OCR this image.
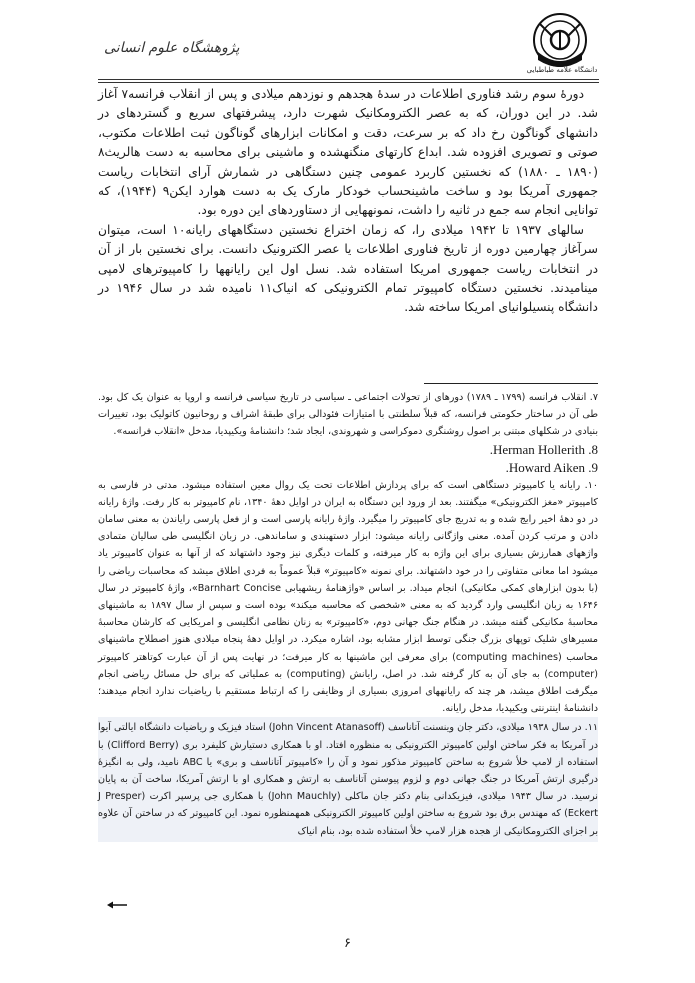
پژوهشگاه علوم انسانی
دانشگاه علامه طباطبایی

دورهٔ سوم رشد فناوری اطلاعات در سدهٔ هجدهم و نوزدهم میلادی و پس از انقلاب فرانسه۷ آغاز شد. در این دوران، که به عصر الکترومکانیک شهرت دارد، پیشرفتهای سریع و گستردهای در دانشهای گوناگون رخ داد که بر سرعت، دقت و امکانات ابزارهای گوناگون ثبت اطلاعات مکتوب، صوتی و تصویری افزوده شد. ابداع کارتهای منگنهشده و ماشینی برای محاسبه به دست هالریث۸ (۱۸۹۰ ـ ۱۸۸۰) که نخستین کاربرد عمومی چنین دستگاهی در شمارش آرای انتخابات ریاست جمهوری آمریکا بود و ساخت ماشینحساب خودکار مارک یک به دست هوارد ایکن۹ (۱۹۴۴)، که توانایی انجام سه جمع در ثانیه را داشت، نمونههایی از دستاوردهای این دوره بود.

سالهای ۱۹۳۷ تا ۱۹۴۲ میلادی را، که زمان اختراع نخستین دستگاههای رایانه۱۰ است، میتوان سرآغاز چهارمین دوره از تاریخ فناوری اطلاعات یا عصر الکترونیک دانست. برای نخستین بار از آن در انتخابات ریاست جمهوری امریکا استفاده شد. نسل اول این رایانهها را کامپیوترهای لامپی مینامیدند. نخستین دستگاه کامپیوتر تمام الکترونیکی که انیاک۱۱ نامیده شد در سال ۱۹۴۶ در دانشگاه پنسیلوانیای امریکا ساخته شد.

۷. انقلاب فرانسه (۱۷۹۹ ـ ۱۷۸۹) دورهای از تحولات اجتماعی ـ سیاسی در تاریخ سیاسی فرانسه و اروپا به عنوان یک کل بود. طی آن در ساختار حکومتی فرانسه، که قبلاً سلطنتی با امتیازات فئودالی برای طبقهٔ اشراف و روحانیون کاتولیک بود، تغییرات بنیادی در شکلهای مبتنی بر اصول روشنگری دموکراسی و شهروندی، ایجاد شد؛ دانشنامهٔ ویکیپدیا، مدخل «انقلاب فرانسه».

8. Herman Hollerith.

9. Howard Aiken.

۱۰. رایانه یا کامپیوتر دستگاهی است که برای پردازش اطلاعات تحت یک روال معین استفاده میشود. مدتی در فارسی به کامپیوتر «مغز الکترونیکی» میگفتند. بعد از ورود این دستگاه به ایران در اوایل دههٔ ۱۳۴۰، نام کامپیوتر به کار رفت. واژهٔ رایانه در دو دههٔ اخیر رایج شده و به تدریج جای کامپیوتر را میگیرد. واژهٔ رایانه پارسی است و از فعل پارسی رایاندن به معنی سامان دادن و مرتب کردن آمده. معنی واژگانی رایانه میشود: ابزار دستهبندی و ساماندهی. در زبان انگلیسی طی سالیان متمادی واژههای همارزش بسیاری برای این واژه به کار میرفته، و کلمات دیگری نیز وجود داشتهاند که از آنها به عنوان کامپیوتر یاد میشود اما معانی متفاوتی را در خود داشتهاند. برای نمونه «کامپیوتر» قبلاً عموماً به فردی اطلاق میشد که محاسبات ریاضی را (با بدون ابزارهای کمکی مکانیکی) انجام میداد. بر اساس «واژهنامهٔ ریشهیابی Barnhart Concise»، واژهٔ کامپیوتر در سال ۱۶۴۶ به زبان انگلیسی وارد گردید که به معنی «شخصی که محاسبه میکند» بوده است و سپس از سال ۱۸۹۷ به ماشینهای محاسبهٔ مکانیکی گفته میشد. در هنگام جنگ جهانی دوم، «کامپیوتر» به زنان نظامی انگلیسی و امریکایی که کارشان محاسبهٔ مسیرهای شلیک توپهای بزرگ جنگی توسط ابزار مشابه بود، اشاره میکرد. در اوایل دههٔ پنجاه میلادی هنوز اصطلاح ماشینهای محاسب (computing machines) برای معرفی این ماشینها به کار میرفت؛ در نهایت پس از آن عبارت کوتاهتر کامپیوتر (computer) به جای آن به کار گرفته شد. در اصل، رایانش (computing) به عملیاتی که برای حل مسائل ریاضی انجام میگرفت اطلاق میشد، هر چند که رایانههای امروزی بسیاری از وظایفی را که ارتباط مستقیم با ریاضیات ندارد انجام میدهند؛ دانشنامهٔ اینترنتی ویکیپدیا، مدخل رایانه.

۱۱. در سال ۱۹۳۸ میلادی، دکتر جان وینسنت آتاناسف (John Vincent Atanasoff) استاد فیزیک و ریاضیات دانشگاه ایالتی آیوا در آمریکا به فکر ساختن اولین کامپیوتر الکترونیکی به منظوره افتاد. او با همکاری دستیارش کلیفرد بری (Clifford Berry) با استفاده از لامپ خلأ شروع به ساختن کامپیوتر مذکور نمود و آن را «کامپیوتر آتاناسف و بری» یا ABC نامید، ولی به انگیزهٔ درگیری ارتش آمریکا در جنگ جهانی دوم و لزوم پیوستن آتاناسف به ارتش و همکاری او با ارتش آمریکا، ساخت آن به پایان نرسید. در سال ۱۹۴۳ میلادی، فیزیکدانی بنام دکتر جان ماکلی (John Mauchly) با همکاری جی پرسپر اکرت (J Presper Eckert) که مهندس برق بود شروع به ساختن اولین کامپیوتر الکترونیکی همهمنظوره نمود. این کامپیوتر که در ساختن آن علاوه بر اجزای الکترومکانیکی از هجده هزار لامپ خلأ استفاده شده بود، بنام انیاک

۶
